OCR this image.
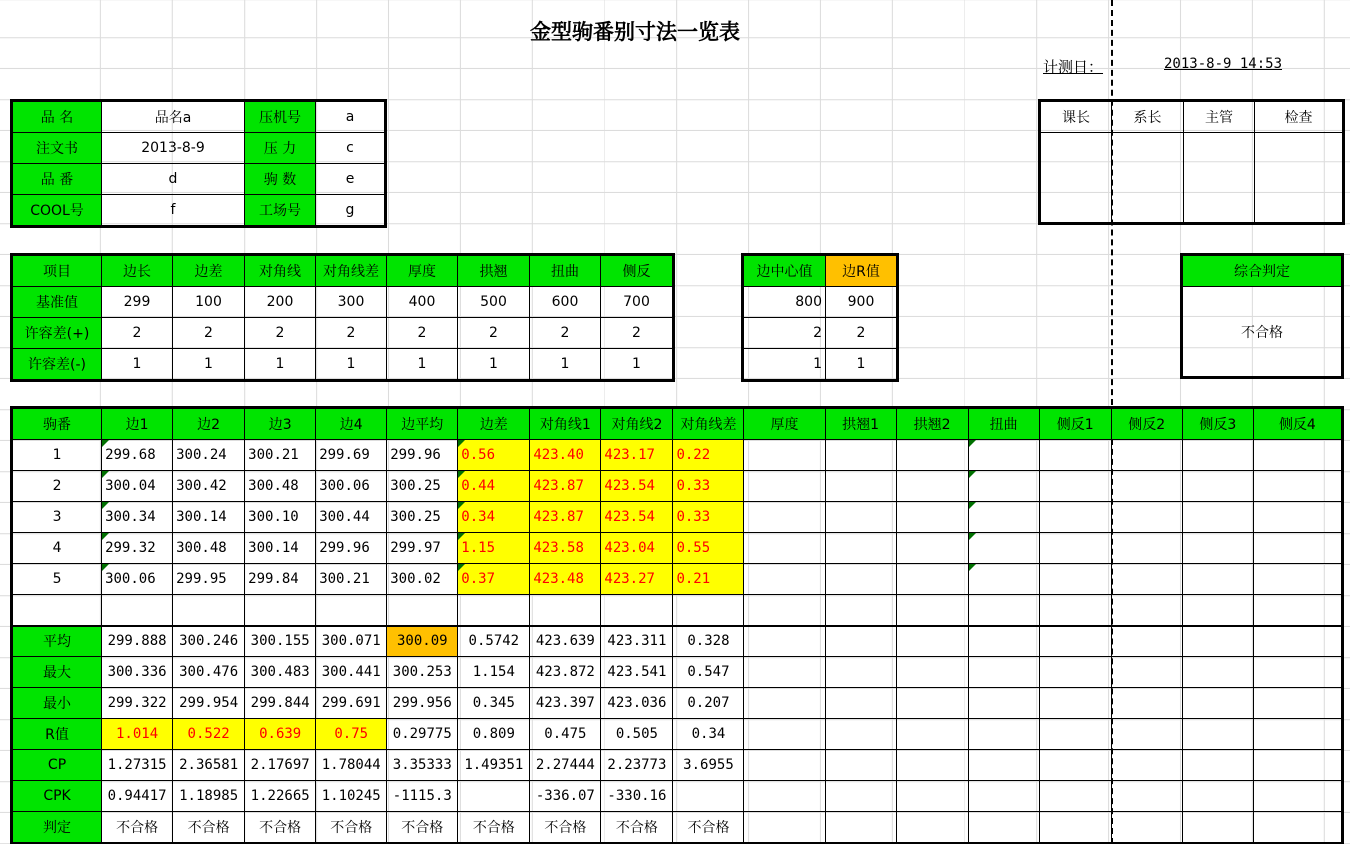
金型驹番别寸法一览表
计测日：	2013-8-9 14:53
品 名	品名a	压机号	a
注文书	2013-8-9	压 力	c
品 番	d	驹 数	e
COOL号	f	工场号	g
课长	系长	主管	检查

项目	边长	边差	对角线	对角线差	厚度	拱翘	扭曲	侧反
基准值	299	100	200	300	400	500	600	700
许容差(+)	2	2	2	2	2	2	2	2
许容差(-)	1	1	1	1	1	1	1	1
边中心值	边R值
800	900
2	2
1	1
综合判定
不合格
驹番	边1	边2	边3	边4	边平均	边差	对角线1	对角线2	对角线差	厚度	拱翘1	拱翘2	扭曲	侧反1	侧反2	侧反3	侧反4
1	299.68	300.24	300.21	299.69	299.96	0.56	423.40	423.17	0.22								
2	300.04	300.42	300.48	300.06	300.25	0.44	423.87	423.54	0.33								
3	300.34	300.14	300.10	300.44	300.25	0.34	423.87	423.54	0.33								
4	299.32	300.48	300.14	299.96	299.97	1.15	423.58	423.04	0.55								
5	300.06	299.95	299.84	300.21	300.02	0.37	423.48	423.27	0.21								

平均	299.888	300.246	300.155	300.071	300.09	0.5742	423.639	423.311	0.328								
最大	300.336	300.476	300.483	300.441	300.253	1.154	423.872	423.541	0.547								
最小	299.322	299.954	299.844	299.691	299.956	0.345	423.397	423.036	0.207								
R值	1.014	0.522	0.639	0.75	0.29775	0.809	0.475	0.505	0.34								
CP	1.27315	2.36581	2.17697	1.78044	3.35333	1.49351	2.27444	2.23773	3.6955								
CPK	0.94417	1.18985	1.22665	1.10245	-1115.3		-336.07	-330.16									
判定	不合格	不合格	不合格	不合格	不合格	不合格	不合格	不合格	不合格								
